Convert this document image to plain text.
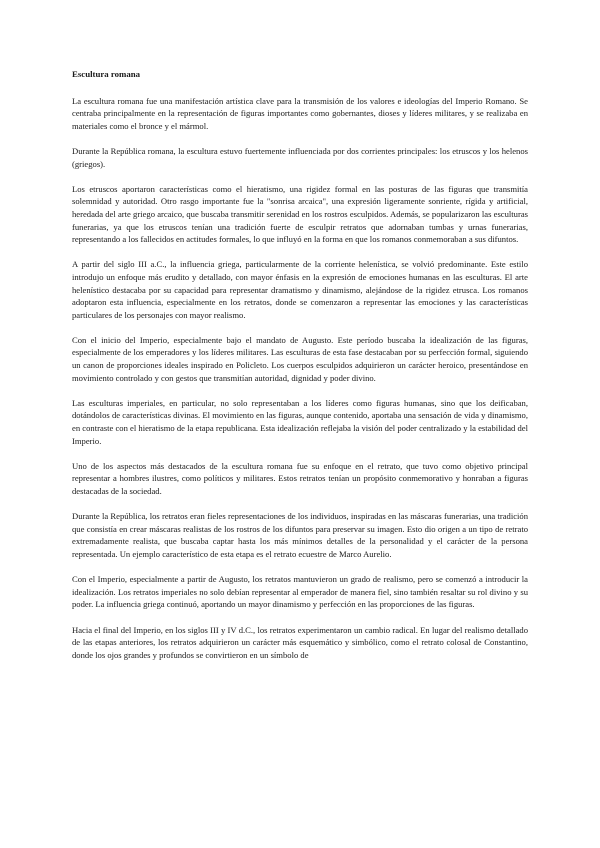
Escultura romana

La escultura romana fue una manifestación artística clave para la transmisión de los valores e ideologías del Imperio Romano. Se centraba principalmente en la representación de figuras importantes como gobernantes, dioses y líderes militares, y se realizaba en materiales como el bronce y el mármol.

Durante la República romana, la escultura estuvo fuertemente influenciada por dos corrientes principales: los etruscos y los helenos (griegos).

Los etruscos aportaron características como el hieratismo, una rigidez formal en las posturas de las figuras que transmitía solemnidad y autoridad. Otro rasgo importante fue la "sonrisa arcaica", una expresión ligeramente sonriente, rígida y artificial, heredada del arte griego arcaico, que buscaba transmitir serenidad en los rostros esculpidos. Además, se popularizaron las esculturas funerarias, ya que los etruscos tenían una tradición fuerte de esculpir retratos que adornaban tumbas y urnas funerarias, representando a los fallecidos en actitudes formales, lo que influyó en la forma en que los romanos conmemoraban a sus difuntos.

A partir del siglo III a.C., la influencia griega, particularmente de la corriente helenística, se volvió predominante. Este estilo introdujo un enfoque más erudito y detallado, con mayor énfasis en la expresión de emociones humanas en las esculturas. El arte helenístico destacaba por su capacidad para representar dramatismo y dinamismo, alejándose de la rigidez etrusca. Los romanos adoptaron esta influencia, especialmente en los retratos, donde se comenzaron a representar las emociones y las características particulares de los personajes con mayor realismo.

Con el inicio del Imperio, especialmente bajo el mandato de Augusto. Este período buscaba la idealización de las figuras, especialmente de los emperadores y los líderes militares. Las esculturas de esta fase destacaban por su perfección formal, siguiendo un canon de proporciones ideales inspirado en Policleto. Los cuerpos esculpidos adquirieron un carácter heroico, presentándose en movimiento controlado y con gestos que transmitían autoridad, dignidad y poder divino.

Las esculturas imperiales, en particular, no solo representaban a los líderes como figuras humanas, sino que los deificaban, dotándolos de características divinas. El movimiento en las figuras, aunque contenido, aportaba una sensación de vida y dinamismo, en contraste con el hieratismo de la etapa republicana. Esta idealización reflejaba la visión del poder centralizado y la estabilidad del Imperio.

Uno de los aspectos más destacados de la escultura romana fue su enfoque en el retrato, que tuvo como objetivo principal representar a hombres ilustres, como políticos y militares. Estos retratos tenían un propósito conmemorativo y honraban a figuras destacadas de la sociedad.

Durante la República, los retratos eran fieles representaciones de los individuos, inspiradas en las máscaras funerarias, una tradición que consistía en crear máscaras realistas de los rostros de los difuntos para preservar su imagen. Esto dio origen a un tipo de retrato extremadamente realista, que buscaba captar hasta los más mínimos detalles de la personalidad y el carácter de la persona representada. Un ejemplo característico de esta etapa es el retrato ecuestre de Marco Aurelio.

Con el Imperio, especialmente a partir de Augusto, los retratos mantuvieron un grado de realismo, pero se comenzó a introducir la idealización. Los retratos imperiales no solo debían representar al emperador de manera fiel, sino también resaltar su rol divino y su poder. La influencia griega continuó, aportando un mayor dinamismo y perfección en las proporciones de las figuras.

Hacia el final del Imperio, en los siglos III y IV d.C., los retratos experimentaron un cambio radical. En lugar del realismo detallado de las etapas anteriores, los retratos adquirieron un carácter más esquemático y simbólico, como el retrato colosal de Constantino, donde los ojos grandes y profundos se convirtieron en un símbolo de
